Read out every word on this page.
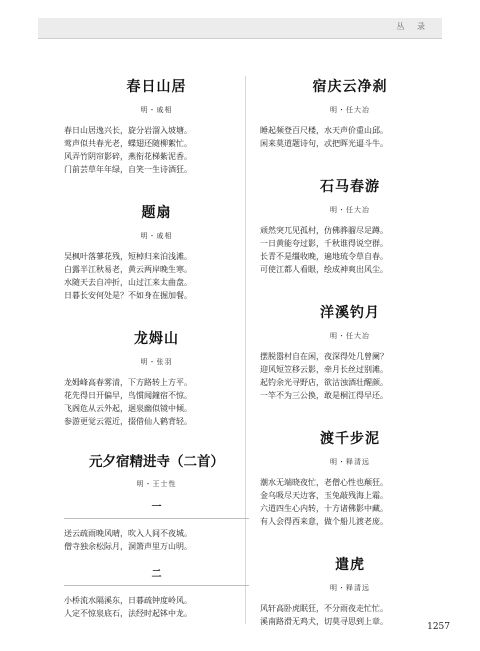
丛 录
春日山居
明・戚相
春日山居逸兴长，旋分岩溜入坡塘。
莺声似共春光老，蝶翅还随柳絮忙。
风弄竹阴帘影碎，燕衔花梯紫泥香。
门前芸草年年绿，自笑一生诗酒狂。
题扇
明・戚相
吴枫叶落蓼花残，短棹归来泊浅滩。
白露半江秋易老，黄云两岸晚生寒。
水随天去自冲折，山过江来太曲盘。
日暮长安何处是？不如身在掘加餐。
龙姆山
明・张羽
龙姆峰高春雾清，下方路转上方平。
花先得日开偏早，鸟惯闻鐘宿不惊。
飞阁危从云外起，迴泉幽似镜中倾。
参游更觉云霓近，掇借仙人鹤背轻。
元夕宿精进寺（二首）
明・王士性
一
送云疏雨晚风晴，吹入人间不夜城。
僧寺独余松际月，洞箫声里万山明。
二
小桥流水隔溪东，日暮疏钟度岭风。
人定不惊泉底石，法经时起钵中龙。
宿庆云净刹
明・任大冶
睡起频登百尺楼，水天声价重山邱。
闲来莫道题诗句，忒把晖光逼斗牛。
石马春游
明・任大冶
顽然突兀见孤村，仿佛骅骝尽足蹲。
一日黄能夸过影，千秋谁得说空群。
长青不是缰收晚，遍地琉令草自春。
可使江都人看眼，绘成神爽出风尘。
洋溪钓月
明・任大冶
摆脱嚣村自在闲，夜深得处几曾阑？
迎风短笠移云影，牵月长丝过别滩。
起钓余光寻野店，欲沽浊酒壮醒颜。
一竿不为三公换，敢是桐江得早还。
渡千步泥
明・释清远
潮水无端晓夜忙，老僧心性也颠狂。
金乌吸尽天边客，玉兔敲残海上霜。
六道四生心内转，十方诸佛影中藏。
有人会得西来意，做个船儿渡老庞。
遣虎
明・释清远
风轩高卧虎眠狂，不分雨夜走忙忙。
溪南路滑无鸡犬，切莫寻思到上章。
1257
